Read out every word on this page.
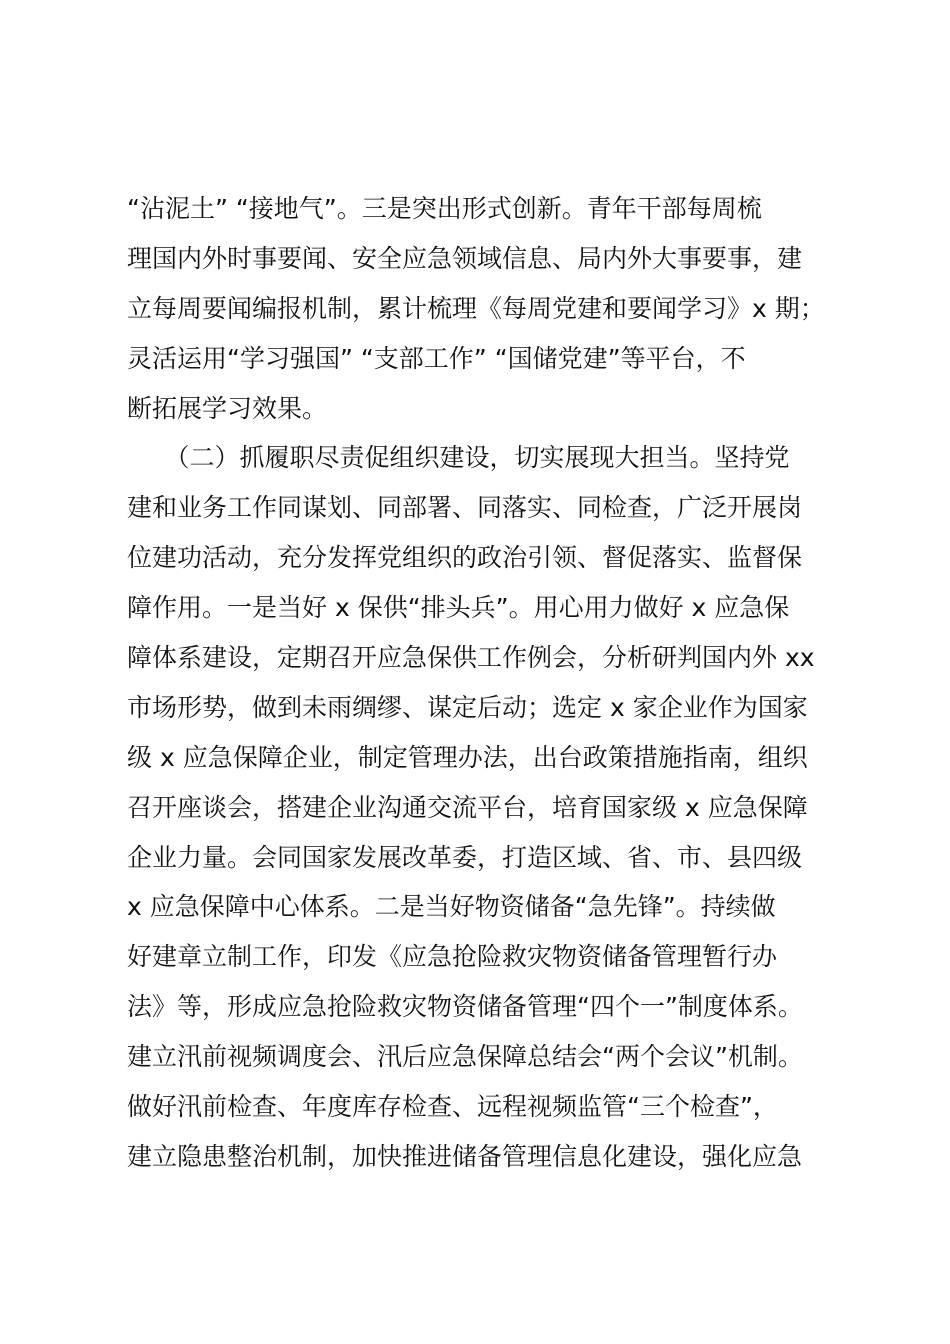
“沾泥土” “接地气”。三是突出形式创新。青年干部每周梳
理国内外时事要闻、安全应急领域信息、局内外大事要事，建
立每周要闻编报机制，累计梳理《每周党建和要闻学习》x 期；
灵活运用“学习强国” “支部工作” “国储党建”等平台，不
断拓展学习效果。
　　（二）抓履职尽责促组织建设，切实展现大担当。坚持党
建和业务工作同谋划、同部署、同落实、同检查，广泛开展岗
位建功活动，充分发挥党组织的政治引领、督促落实、监督保
障作用。一是当好 x 保供“排头兵”。用心用力做好 x 应急保
障体系建设，定期召开应急保供工作例会，分析研判国内外 xx
市场形势，做到未雨绸缪、谋定后动；选定 x 家企业作为国家
级 x 应急保障企业，制定管理办法，出台政策措施指南，组织
召开座谈会，搭建企业沟通交流平台，培育国家级 x 应急保障
企业力量。会同国家发展改革委，打造区域、省、市、县四级
x 应急保障中心体系。二是当好物资储备“急先锋”。持续做
好建章立制工作，印发《应急抢险救灾物资储备管理暂行办
法》等，形成应急抢险救灾物资储备管理“四个一”制度体系。
建立汛前视频调度会、汛后应急保障总结会“两个会议”机制。
做好汛前检查、年度库存检查、远程视频监管“三个检查”，
建立隐患整治机制，加快推进储备管理信息化建设，强化应急
